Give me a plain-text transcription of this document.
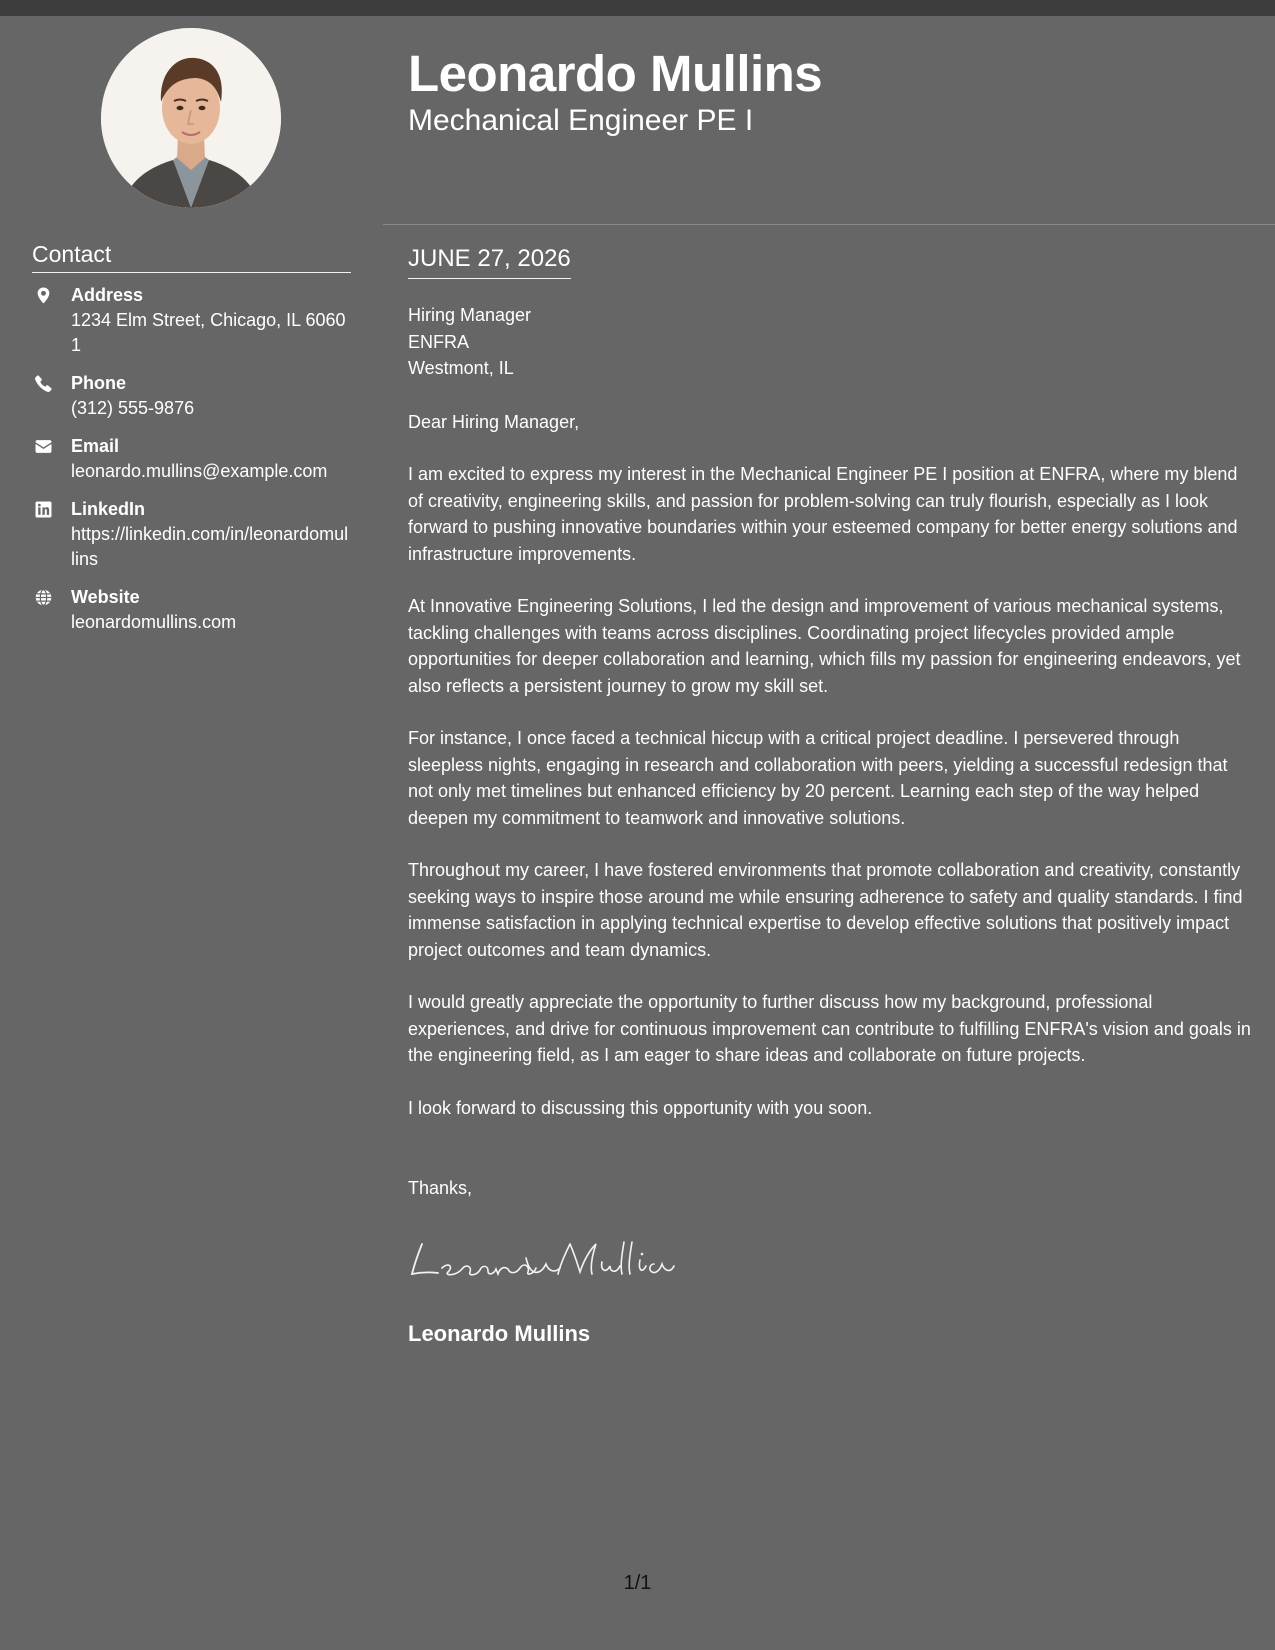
Leonardo Mullins
Mechanical Engineer PE I
Contact
Address
1234 Elm Street, Chicago, IL 60601
Phone
(312) 555-9876
Email
leonardo.mullins@example.com
LinkedIn
https://linkedin.com/in/leonardomullins
Website
leonardomullins.com
JUNE 27, 2026
Hiring Manager
ENFRA
Westmont, IL
Dear Hiring Manager,

I am excited to express my interest in the Mechanical Engineer PE I position at ENFRA, where my blend of creativity, engineering skills, and passion for problem-solving can truly flourish, especially as I look forward to pushing innovative boundaries within your esteemed company for better energy solutions and infrastructure improvements.

At Innovative Engineering Solutions, I led the design and improvement of various mechanical systems, tackling challenges with teams across disciplines. Coordinating project lifecycles provided ample opportunities for deeper collaboration and learning, which fills my passion for engineering endeavors, yet also reflects a persistent journey to grow my skill set.

For instance, I once faced a technical hiccup with a critical project deadline. I persevered through sleepless nights, engaging in research and collaboration with peers, yielding a successful redesign that not only met timelines but enhanced efficiency by 20 percent. Learning each step of the way helped deepen my commitment to teamwork and innovative solutions.

Throughout my career, I have fostered environments that promote collaboration and creativity, constantly seeking ways to inspire those around me while ensuring adherence to safety and quality standards. I find immense satisfaction in applying technical expertise to develop effective solutions that positively impact project outcomes and team dynamics.

I would greatly appreciate the opportunity to further discuss how my background, professional experiences, and drive for continuous improvement can contribute to fulfilling ENFRA's vision and goals in the engineering field, as I am eager to share ideas and collaborate on future projects.

I look forward to discussing this opportunity with you soon.

Thanks,
Leonardo Mullins
1/1
